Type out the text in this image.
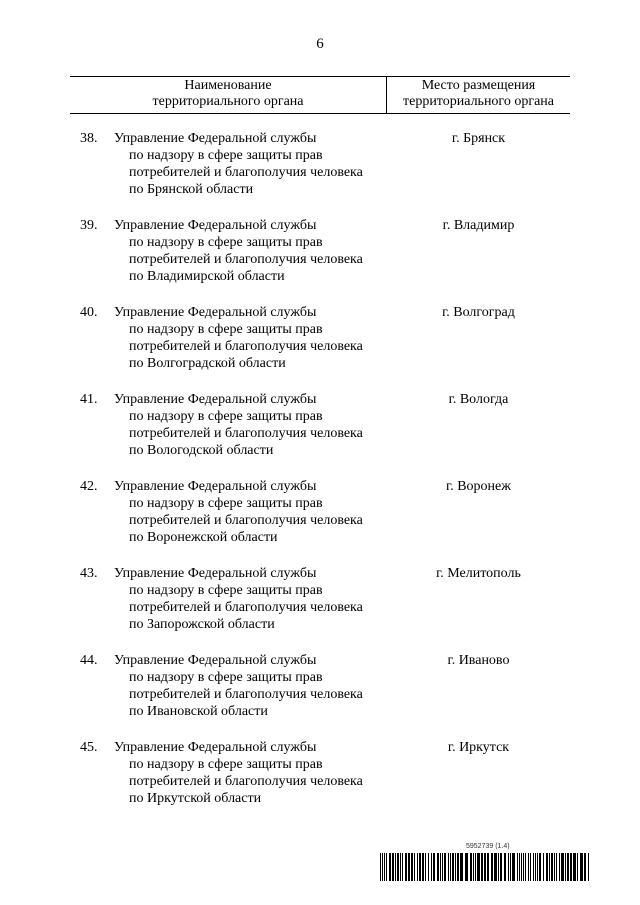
6
Наименование
территориального органа
Место размещения
территориального органа
38. Управление Федеральной службы
по надзору в сфере защиты прав
потребителей и благополучия человека
по Брянской области
г. Брянск
39. Управление Федеральной службы
по надзору в сфере защиты прав
потребителей и благополучия человека
по Владимирской области
г. Владимир
40. Управление Федеральной службы
по надзору в сфере защиты прав
потребителей и благополучия человека
по Волгоградской области
г. Волгоград
41. Управление Федеральной службы
по надзору в сфере защиты прав
потребителей и благополучия человека
по Вологодской области
г. Вологда
42. Управление Федеральной службы
по надзору в сфере защиты прав
потребителей и благополучия человека
по Воронежской области
г. Воронеж
43. Управление Федеральной службы
по надзору в сфере защиты прав
потребителей и благополучия человека
по Запорожской области
г. Мелитополь
44. Управление Федеральной службы
по надзору в сфере защиты прав
потребителей и благополучия человека
по Ивановской области
г. Иваново
45. Управление Федеральной службы
по надзору в сфере защиты прав
потребителей и благополучия человека
по Иркутской области
г. Иркутск
5952739 (1.4)
